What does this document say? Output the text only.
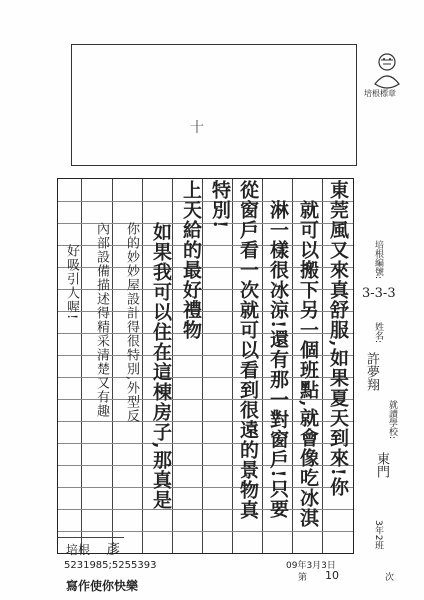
十
培根標章
東莞風又來真舒服,如果夏天到來!你
就可以搬下另一個班點,就會像吃冰淇
淋一樣很冰涼!還有那一對窗戶!只要
從窗戶看一次就可以看到很遠的景物真
特別!
上天給的最好禮物
如果我可以住在這棟房子,那真是
你的妙妙屋設計得很特別,外型反
內部設備描述得精采清楚又有趣
好吸引人喔!	培根編號:
3-3-3
姓名:
許夢翔
就讀學校:
東門
3年2班
培根 彥
5231985;5255393
寫作使你快樂
09年3月3日
第 10	次
